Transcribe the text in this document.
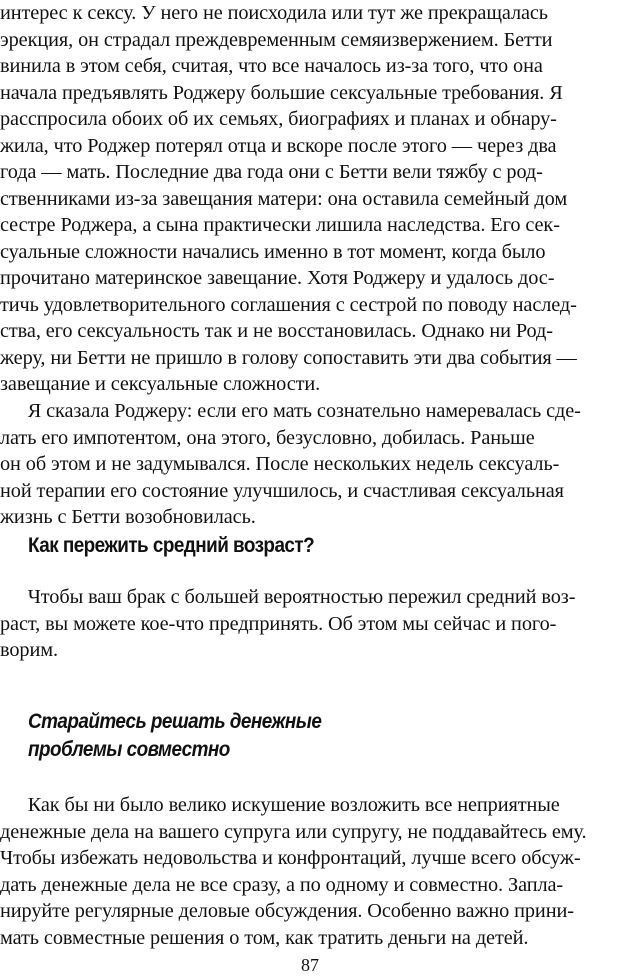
интерес к сексу. У него не поисходила или тут же прекращалась
эрекция, он страдал преждевременным семяизвержением. Бетти
винила в этом себя, считая, что все началось из-за того, что она
начала предъявлять Роджеру большие сексуальные требования. Я
расспросила обоих об их семьях, биографиях и планах и обнару-
жила, что Роджер потерял отца и вскоре после этого — через два
года — мать. Последние два года они с Бетти вели тяжбу с род-
ственниками из-за завещания матери: она оставила семейный дом
сестре Роджера, а сына практически лишила наследства. Его сек-
суальные сложности начались именно в тот момент, когда было
прочитано материнское завещание. Хотя Роджеру и удалось дос-
тичь удовлетворительного соглашения с сестрой по поводу наслед-
ства, его сексуальность так и не восстановилась. Однако ни Род-
жеру, ни Бетти не пришло в голову сопоставить эти два события —
завещание и сексуальные сложности.
Я сказала Роджеру: если его мать сознательно намеревалась сде-
лать его импотентом, она этого, безусловно, добилась. Раньше
он об этом и не задумывался. После нескольких недель сексуаль-
ной терапии его состояние улучшилось, и счастливая сексуальная
жизнь с Бетти возобновилась.
Как пережить средний возраст?
Чтобы ваш брак с большей вероятностью пережил средний воз-
раст, вы можете кое-что предпринять. Об этом мы сейчас и пого-
ворим.
Старайтесь решать денежные
проблемы совместно
Как бы ни было велико искушение возложить все неприятные
денежные дела на вашего супруга или супругу, не поддавайтесь ему.
Чтобы избежать недовольства и конфронтаций, лучше всего обсуж-
дать денежные дела не все сразу, а по одному и совместно. Запла-
нируйте регулярные деловые обсуждения. Особенно важно прини-
мать совместные решения о том, как тратить деньги на детей.
87
